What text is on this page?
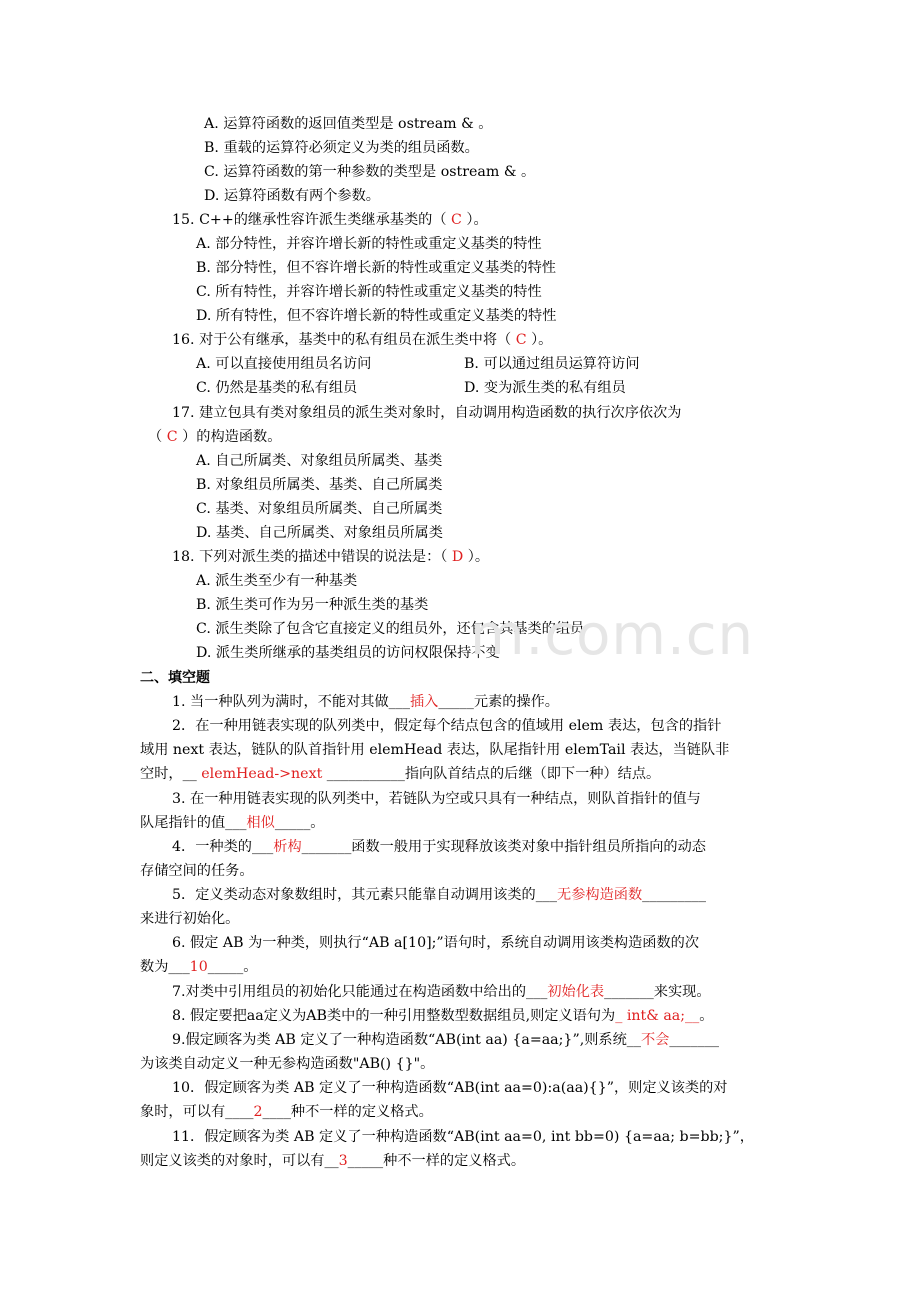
A. 运算符函数的返回值类型是 ostream & 。
B. 重载的运算符必须定义为类的组员函数。
C. 运算符函数的第一种参数的类型是 ostream & 。
D. 运算符函数有两个参数。
15. C++的继承性容许派生类继承基类的（ C ）。
A. 部分特性，并容许增长新的特性或重定义基类的特性
B. 部分特性，但不容许增长新的特性或重定义基类的特性
C. 所有特性，并容许增长新的特性或重定义基类的特性
D. 所有特性，但不容许增长新的特性或重定义基类的特性
16. 对于公有继承，基类中的私有组员在派生类中将（ C ）。
A. 可以直接使用组员名访问	B. 可以通过组员运算符访问
C. 仍然是基类的私有组员	D. 变为派生类的私有组员
17. 建立包具有类对象组员的派生类对象时，自动调用构造函数的执行次序依次为
（ C ）的构造函数。
A. 自己所属类、对象组员所属类、基类
B. 对象组员所属类、基类、自己所属类
C. 基类、对象组员所属类、自己所属类
D. 基类、自己所属类、对象组员所属类
18. 下列对派生类的描述中错误的说法是：（ D ）。
A. 派生类至少有一种基类
B. 派生类可作为另一种派生类的基类
C. 派生类除了包含它直接定义的组员外，还包含其基类的组员
D. 派生类所继承的基类组员的访问权限保持不变
二、填空题
1. 当一种队列为满时，不能对其做___插入_____元素的操作。
2．在一种用链表实现的队列类中，假定每个结点包含的值域用 elem 表达，包含的指针
域用 next 表达，链队的队首指针用 elemHead 表达，队尾指针用 elemTail 表达，当链队非
空时，__ elemHead->next ___________指向队首结点的后继（即下一种）结点。
3. 在一种用链表实现的队列类中，若链队为空或只具有一种结点，则队首指针的值与
队尾指针的值___相似_____。
4．一种类的___析构_______函数一般用于实现释放该类对象中指针组员所指向的动态
存储空间的任务。
5．定义类动态对象数组时，其元素只能靠自动调用该类的___无参构造函数_________
来进行初始化。
6. 假定 AB 为一种类，则执行“AB a[10];”语句时，系统自动调用该类构造函数的次
数为___10_____。
7.对类中引用组员的初始化只能通过在构造函数中给出的___初始化表_______来实现。
8. 假定要把aa定义为AB类中的一种引用整数型数据组员,则定义语句为_ int& aa;__。
9.假定顾客为类 AB 定义了一种构造函数“AB(int aa) {a=aa;}”,则系统__不会_______
为该类自动定义一种无参构造函数"AB() {}"。
10．假定顾客为类 AB 定义了一种构造函数“AB(int aa=0):a(aa){}”，则定义该类的对
象时，可以有____2____种不一样的定义格式。
11．假定顾客为类 AB 定义了一种构造函数“AB(int aa=0, int bb=0) {a=aa; b=bb;}”，
则定义该类的对象时，可以有__3_____种不一样的定义格式。
m.com.cn
